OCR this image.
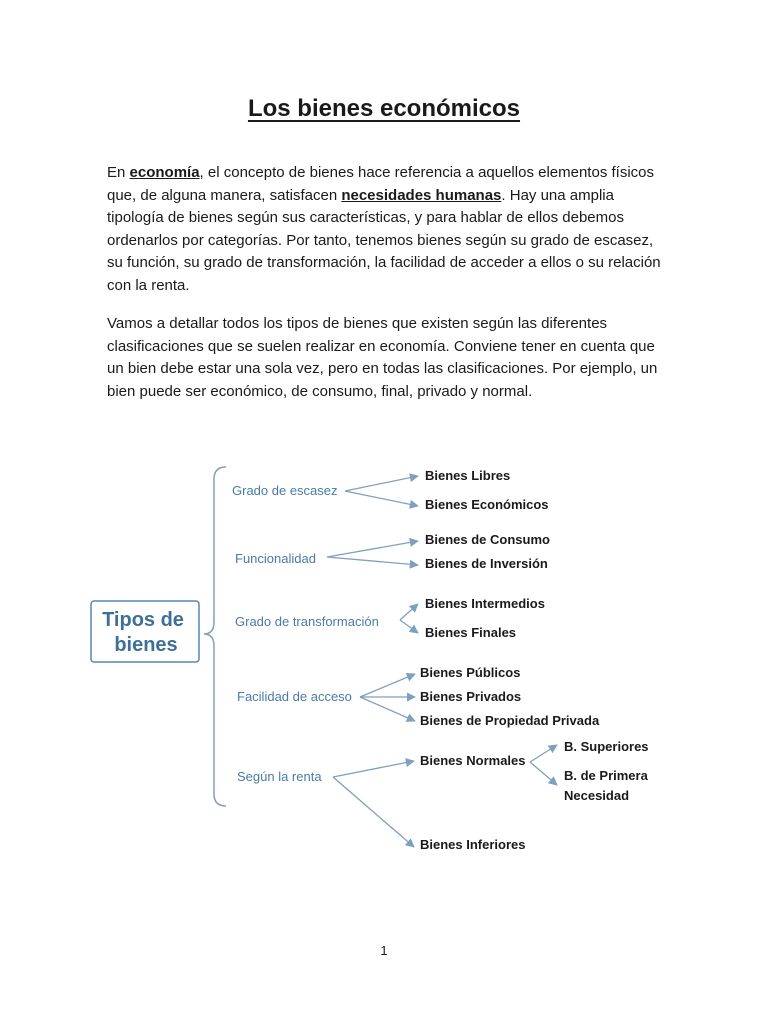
Los bienes económicos
En economía, el concepto de bienes hace referencia a aquellos elementos físicos que, de alguna manera, satisfacen necesidades humanas. Hay una amplia tipología de bienes según sus características, y para hablar de ellos debemos ordenarlos por categorías. Por tanto, tenemos bienes según su grado de escasez, su función, su grado de transformación, la facilidad de acceder a ellos o su relación con la renta.
Vamos a detallar todos los tipos de bienes que existen según las diferentes clasificaciones que se suelen realizar en economía. Conviene tener en cuenta que un bien debe estar una sola vez, pero en todas las clasificaciones. Por ejemplo, un bien puede ser económico, de consumo, final, privado y normal.
Tipos de
bienes
Grado de escasez
Funcionalidad
Grado de transformación
Facilidad de acceso
Según la renta
Bienes Libres
Bienes Económicos
Bienes de Consumo
Bienes de Inversión
Bienes Intermedios
Bienes Finales
Bienes Públicos
Bienes Privados
Bienes de Propiedad Privada
Bienes Normales
Bienes Inferiores
B. Superiores
B. de Primera
Necesidad
1
